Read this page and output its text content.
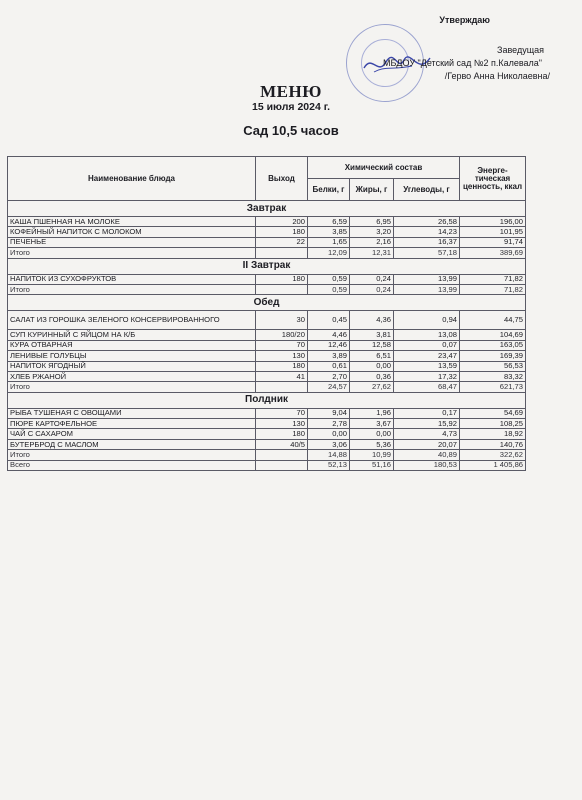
Утверждаю
Заведущая
МБДОУ "Детский сад №2 п.Калевала"
/Герво Анна Николаевна/
МЕНЮ
15 июля 2024 г.
Сад 10,5 часов
Наименование блюда	Выход	Химический состав			Энерге-тическая ценность, ккал
		Белки, г	Жиры, г	Углеводы, г	
Завтрак					
КАША ПШЕННАЯ НА МОЛОКЕ	200	6,59	6,95	26,58	196,00
КОФЕЙНЫЙ НАПИТОК С МОЛОКОМ	180	3,85	3,20	14,23	101,95
ПЕЧЕНЬЕ	22	1,65	2,16	16,37	91,74
Итого		12,09	12,31	57,18	389,69
II Завтрак					
НАПИТОК ИЗ СУХОФРУКТОВ	180	0,59	0,24	13,99	71,82
Итого		0,59	0,24	13,99	71,82
Обед					
САЛАТ ИЗ ГОРОШКА ЗЕЛЕНОГО КОНСЕРВИРОВАННОГО	30	0,45	4,36	0,94	44,75
СУП КУРИННЫЙ С ЯЙЦОМ НА К/Б	180/20	4,46	3,81	13,08	104,69
КУРА ОТВАРНАЯ	70	12,46	12,58	0,07	163,05
ЛЕНИВЫЕ ГОЛУБЦЫ	130	3,89	6,51	23,47	169,39
НАПИТОК ЯГОДНЫЙ	180	0,61	0,00	13,59	56,53
ХЛЕБ РЖАНОЙ	41	2,70	0,36	17,32	83,32
Итого		24,57	27,62	68,47	621,73
Полдник					
РЫБА ТУШЕНАЯ С ОВОЩАМИ	70	9,04	1,96	0,17	54,69
ПЮРЕ КАРТОФЕЛЬНОЕ	130	2,78	3,67	15,92	108,25
ЧАЙ С САХАРОМ	180	0,00	0,00	4,73	18,92
БУТЕРБРОД С МАСЛОМ	40/5	3,06	5,36	20,07	140,76
Итого		14,88	10,99	40,89	322,62
Всего		52,13	51,16	180,53	1 405,86
